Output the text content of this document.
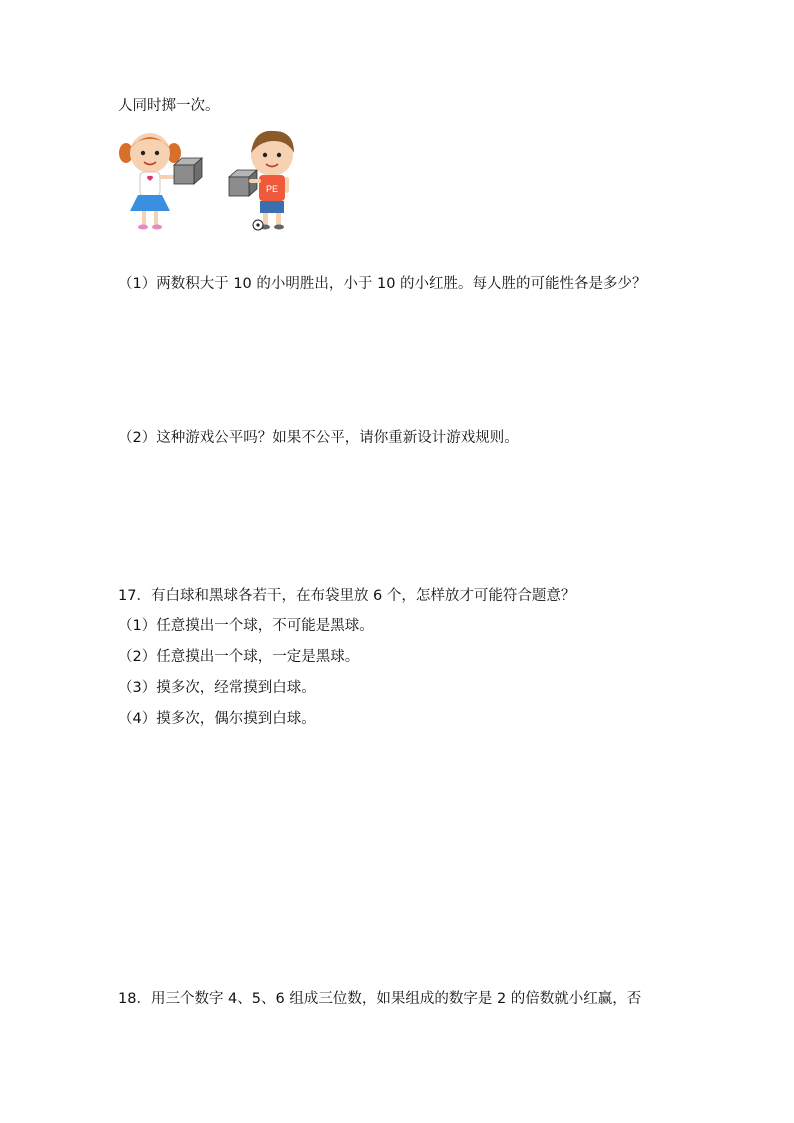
人同时掷一次。
PE
（1）两数积大于 10 的小明胜出，小于 10 的小红胜。每人胜的可能性各是多少？
（2）这种游戏公平吗？如果不公平，请你重新设计游戏规则。
17．有白球和黑球各若干，在布袋里放 6 个，怎样放才可能符合题意？
（1）任意摸出一个球，不可能是黑球。
（2）任意摸出一个球，一定是黑球。
（3）摸多次，经常摸到白球。
（4）摸多次，偶尔摸到白球。
18．用三个数字 4、5、6 组成三位数，如果组成的数字是 2 的倍数就小红赢，否
